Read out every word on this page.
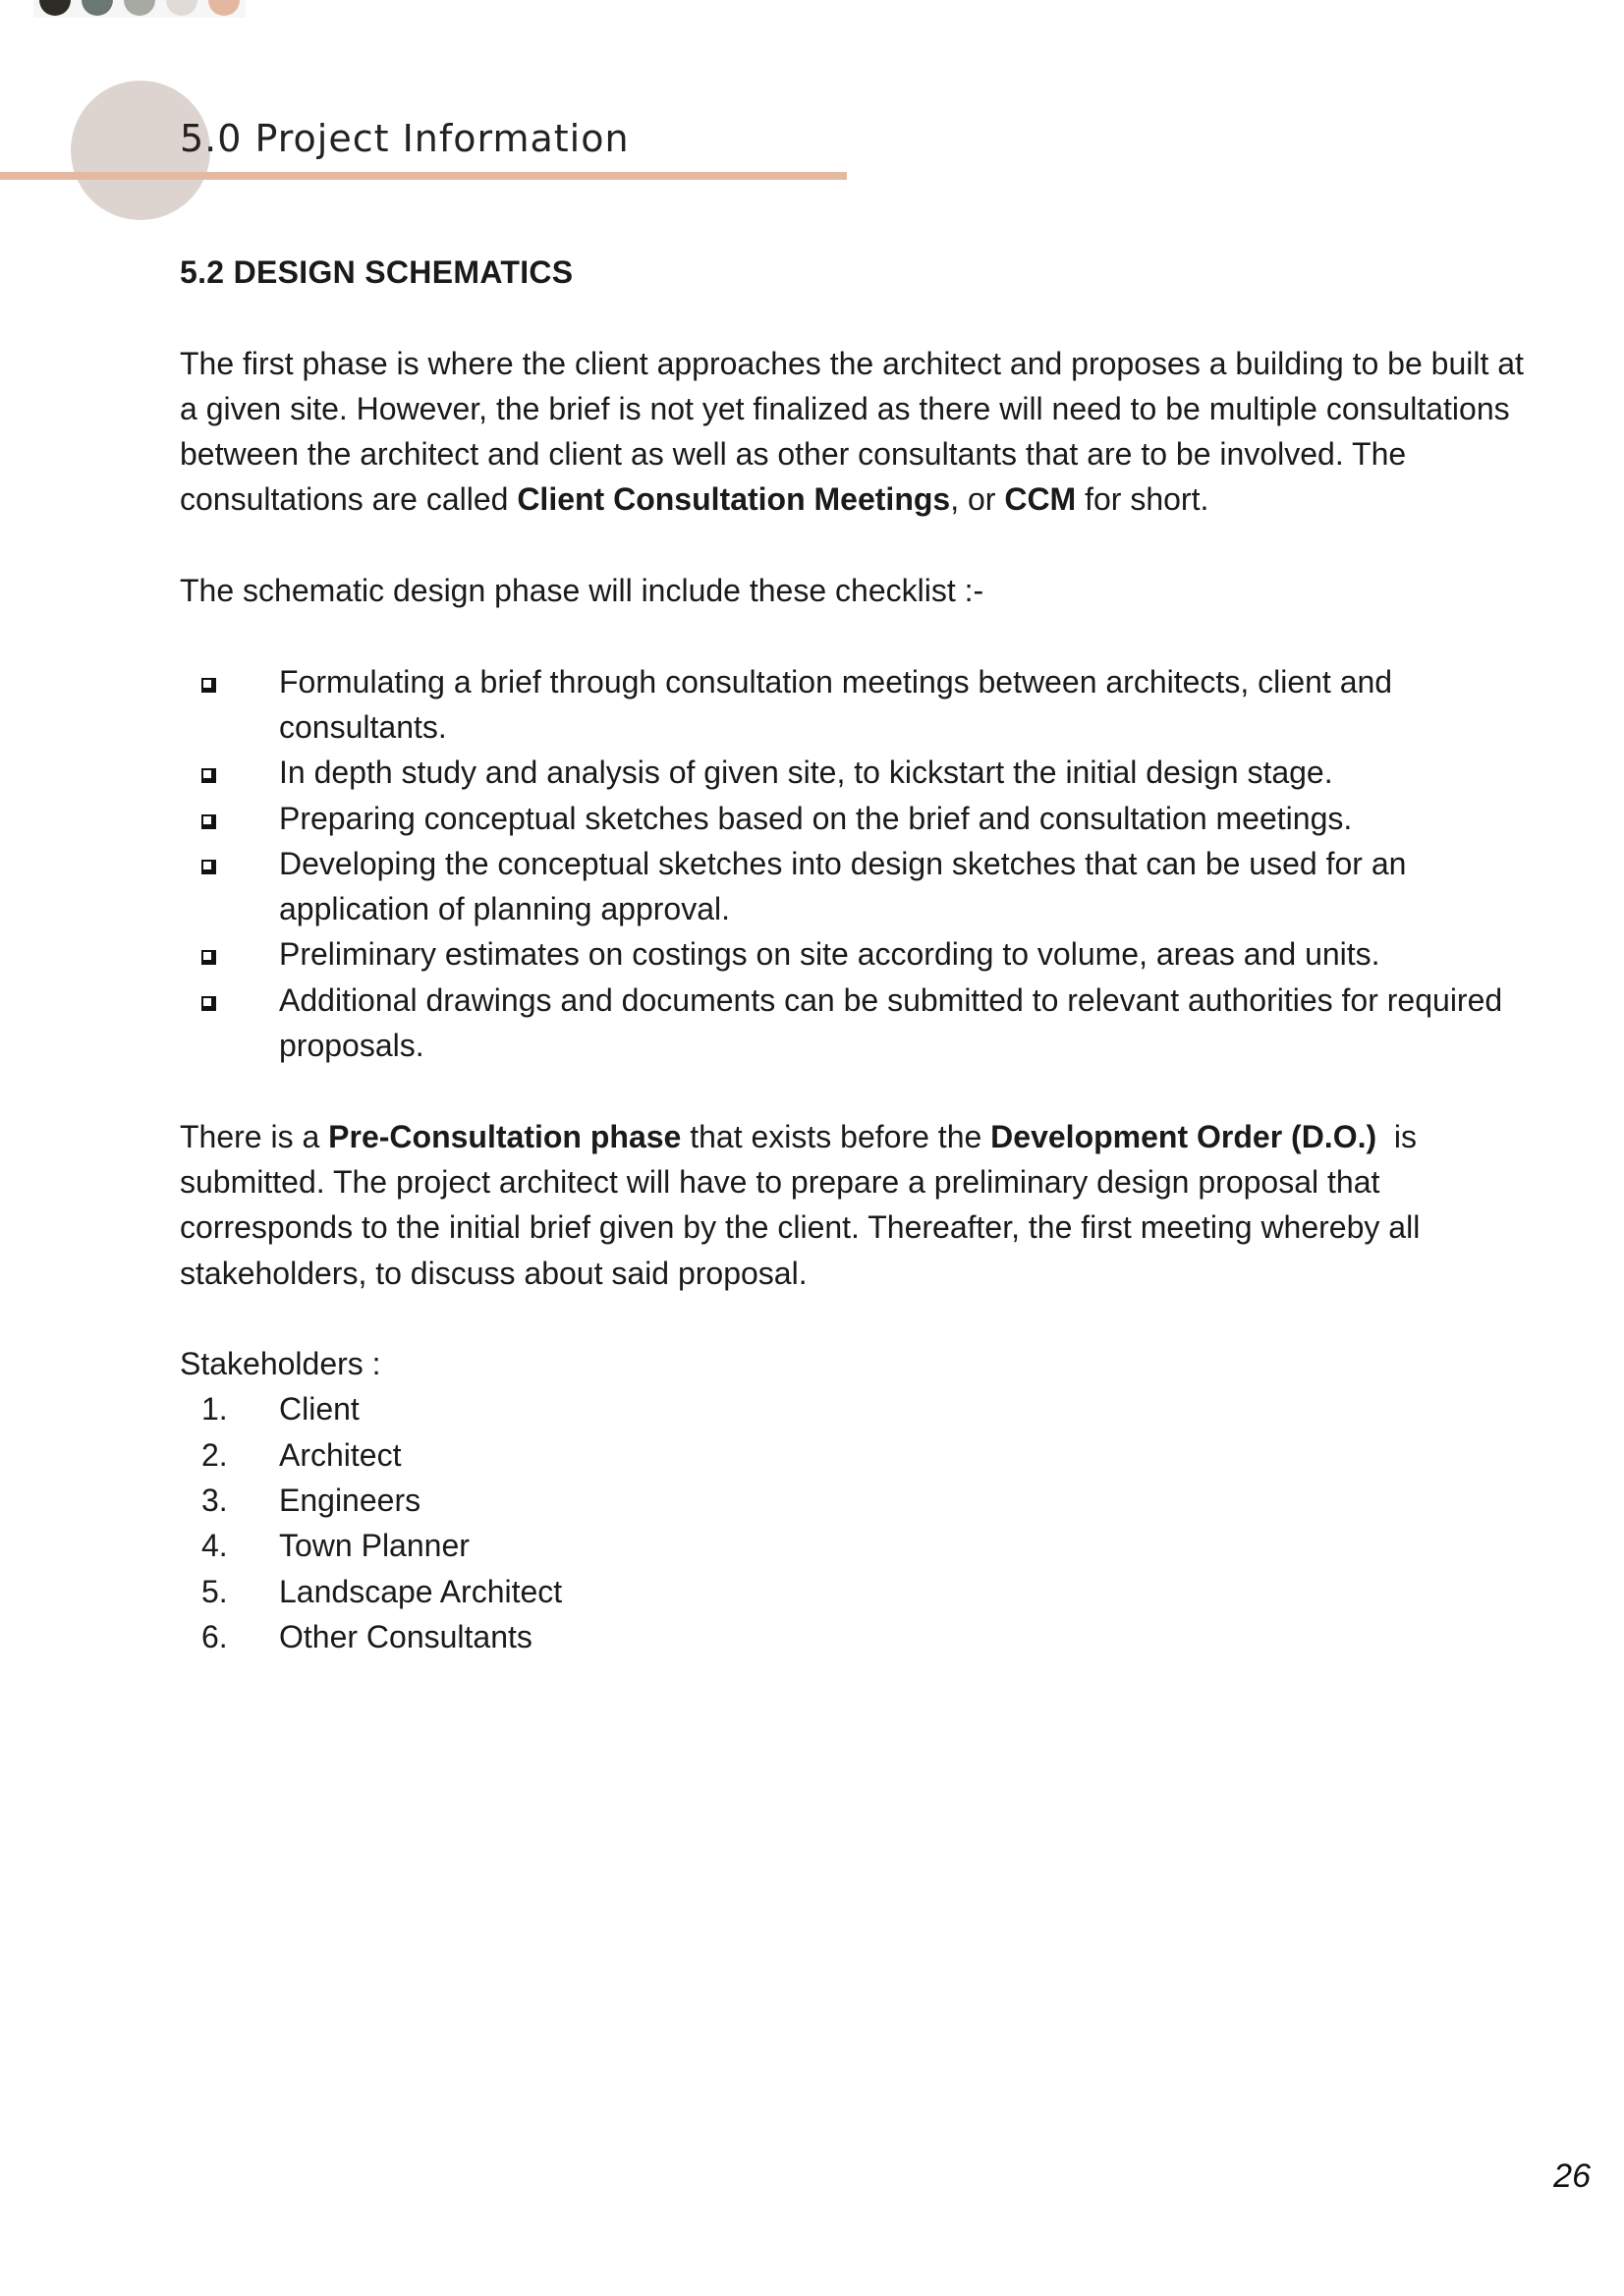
5.0 Project Information
5.2 DESIGN SCHEMATICS

The first phase is where the client approaches the architect and proposes a building to be built at a given site. However, the brief is not yet finalized as there will need to be multiple consultations between the architect and client as well as other consultants that are to be involved. The consultations are called Client Consultation Meetings, or CCM for short.

The schematic design phase will include these checklist :-

Formulating a brief through consultation meetings between architects, client and consultants.
In depth study and analysis of given site, to kickstart the initial design stage.
Preparing conceptual sketches based on the brief and consultation meetings.
Developing the conceptual sketches into design sketches that can be used for an application of planning approval.
Preliminary estimates on costings on site according to volume, areas and units.
Additional drawings and documents can be submitted to relevant authorities for required proposals.

There is a Pre-Consultation phase that exists before the Development Order (D.O.)  is submitted. The project architect will have to prepare a preliminary design proposal that corresponds to the initial brief given by the client. Thereafter, the first meeting whereby all stakeholders, to discuss about said proposal.

Stakeholders :

1. Client
2. Architect
3. Engineers
4. Town Planner
5. Landscape Architect
6. Other Consultants
26
